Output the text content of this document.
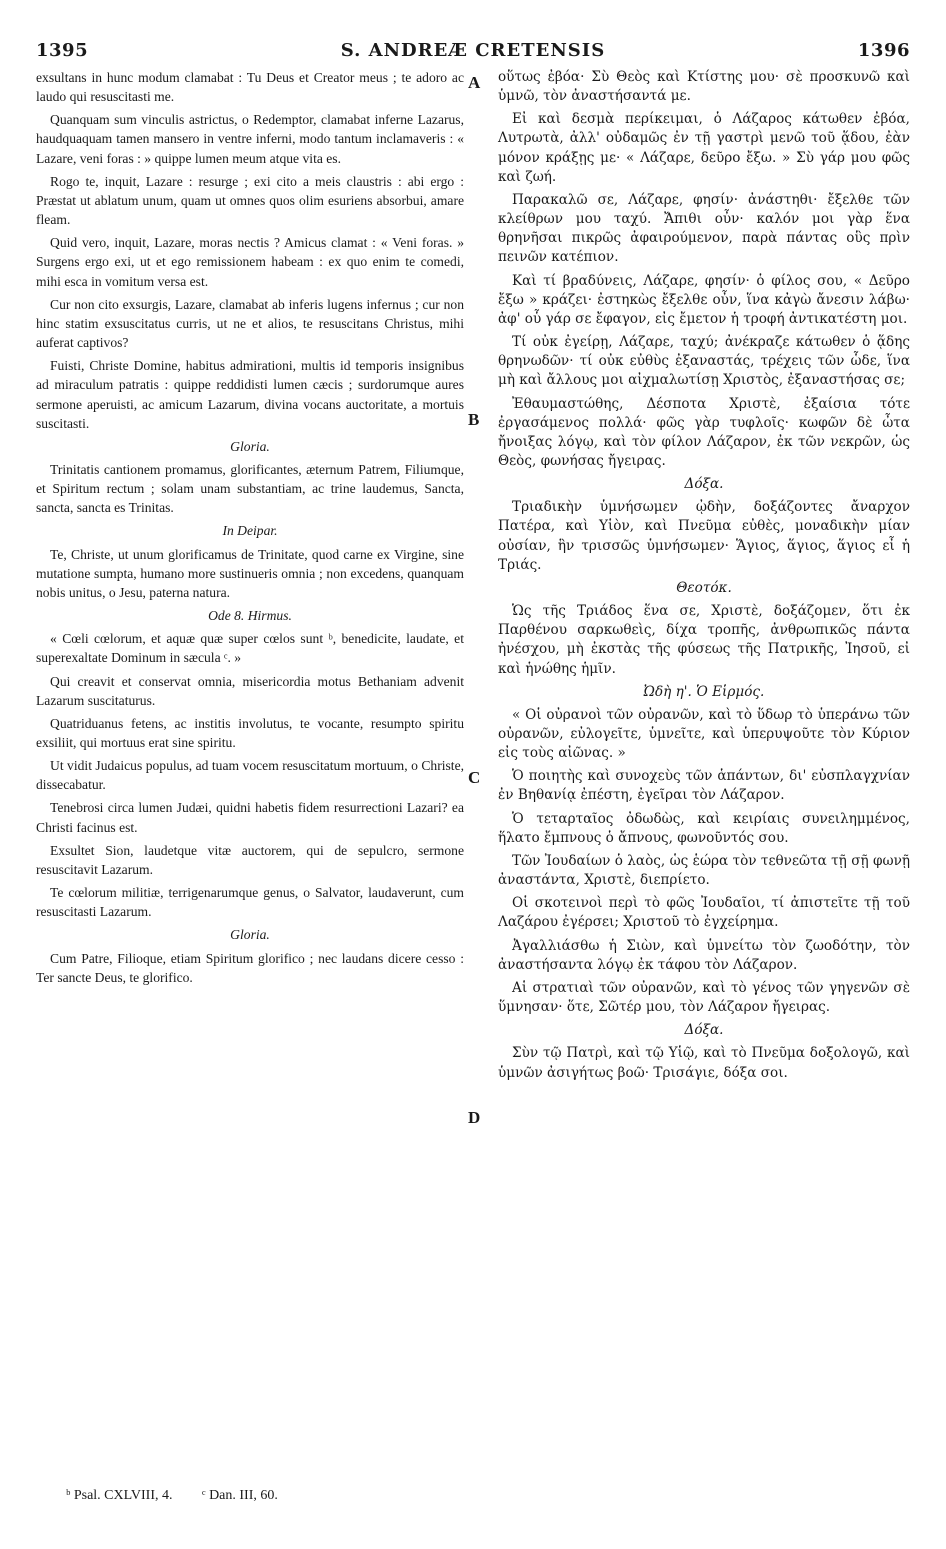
1395	S. ANDREÆ CRETENSIS	1396

exsultans in hunc modum clamabat : Tu Deus et Creator meus ; te adoro ac laudo qui resuscitasti me.

Quanquam sum vinculis astrictus, o Redemptor, clamabat inferne Lazarus, haudquaquam tamen mansero in ventre inferni, modo tantum inclamaveris : « Lazare, veni foras : » quippe lumen meum atque vita es.

Rogo te, inquit, Lazare : resurge ; exi cito a meis claustris : abi ergo : Præstat ut ablatum unum, quam ut omnes quos olim esuriens absorbui, amare fleam.

Quid vero, inquit, Lazare, moras nectis ? Amicus clamat : « Veni foras. » Surgens ergo exi, ut et ego remissionem habeam : ex quo enim te comedi, mihi esca in vomitum versa est.

Cur non cito exsurgis, Lazare, clamabat ab inferis lugens infernus ; cur non hinc statim exsuscitatus curris, ut ne et alios, te resuscitans Christus, mihi auferat captivos?

Fuisti, Christe Domine, habitus admirationi, multis id temporis insignibus ad miraculum patratis : quippe reddidisti lumen cæcis ; surdorumque aures sermone aperuisti, ac amicum Lazarum, divina vocans auctoritate, a mortuis suscitasti.

Gloria.

Trinitatis cantionem promamus, glorificantes, æternum Patrem, Filiumque, et Spiritum rectum ; solam unam substantiam, ac trine laudemus, Sancta, sancta, sancta es Trinitas.

In Deipar.

Te, Christe, ut unum glorificamus de Trinitate, quod carne ex Virgine, sine mutatione sumpta, humano more sustinueris omnia ; non excedens, quanquam nobis unitus, o Jesu, paterna natura.

Ode 8. Hirmus.

« Cœli cœlorum, et aquæ quæ super cœlos sunt ᵇ, benedicite, laudate, et superexaltate Dominum in sæcula ᶜ. »

Qui creavit et conservat omnia, misericordia motus Bethaniam advenit Lazarum suscitaturus.

Quatriduanus fetens, ac institis involutus, te vocante, resumpto spiritu exsiliit, qui mortuus erat sine spiritu.

Ut vidit Judaicus populus, ad tuam vocem resuscitatum mortuum, o Christe, dissecabatur.

Tenebrosi circa lumen Judæi, quidni habetis fidem resurrectioni Lazari? ea Christi facinus est.

Exsultet Sion, laudetque vitæ auctorem, qui de sepulcro, sermone resuscitavit Lazarum.

Te cœlorum militiæ, terrigenarumque genus, o Salvator, laudaverunt, cum resuscitasti Lazarum.

Gloria.

Cum Patre, Filioque, etiam Spiritum glorifico ; nec laudans dicere cesso : Ter sancte Deus, te glorifico.

οὕτως ἐβόα· Σὺ Θεὸς καὶ Κτίστης μου· σὲ προσκυνῶ καὶ ὑμνῶ, τὸν ἀναστήσαντά με.

Εἰ καὶ δεσμὰ περίκειμαι, ὁ Λάζαρος κάτωθεν ἐβόα, Λυτρωτὰ, ἀλλ' οὐδαμῶς ἐν τῇ γαστρὶ μενῶ τοῦ ᾅδου, ἐὰν μόνον κράξῃς με· « Λάζαρε, δεῦρο ἔξω. » Σὺ γάρ μου φῶς καὶ ζωή.

Παρακαλῶ σε, Λάζαρε, φησίν· ἀνάστηθι· ἔξελθε τῶν κλείθρων μου ταχύ. Ἄπιθι οὖν· καλόν μοι γὰρ ἕνα θρηνῆσαι πικρῶς ἀφαιρούμενον, παρὰ πάντας οὓς πρὶν πεινῶν κατέπιον.

Καὶ τί βραδύνεις, Λάζαρε, φησίν· ὁ φίλος σου, « Δεῦρο ἔξω » κράζει· ἐστηκὼς ἔξελθε οὖν, ἵνα κἀγὼ ἄνεσιν λάβω· ἀφ' οὗ γάρ σε ἔφαγον, εἰς ἔμετον ἡ τροφή ἀντικατέστη μοι.

Τί οὐκ ἐγείρῃ, Λάζαρε, ταχύ; ἀνέκραζε κάτωθεν ὁ ᾅδης θρηνωδῶν· τί οὐκ εὐθὺς ἐξαναστάς, τρέχεις τῶν ὧδε, ἵνα μὴ καὶ ἄλλους μοι αἰχμαλωτίσῃ Χριστὸς, ἐξαναστήσας σε;

Ἐθαυμαστώθης, Δέσποτα Χριστὲ, ἐξαίσια τότε ἐργασάμενος πολλά· φῶς γὰρ τυφλοῖς· κωφῶν δὲ ὦτα ἤνοιξας λόγῳ, καὶ τὸν φίλον Λάζαρον, ἐκ τῶν νεκρῶν, ὡς Θεὸς, φωνήσας ἤγειρας.

Δόξα.

Τριαδικὴν ὑμνήσωμεν ᾠδὴν, δοξάζοντες ἄναρχον Πατέρα, καὶ Υἱὸν, καὶ Πνεῦμα εὐθὲς, μοναδικὴν μίαν οὐσίαν, ἣν τρισσῶς ὑμνήσωμεν· Ἅγιος, ἅγιος, ἅγιος εἶ ἡ Τριάς.

Θεοτόκ.

Ὡς τῆς Τριάδος ἕνα σε, Χριστὲ, δοξάζομεν, ὅτι ἐκ Παρθένου σαρκωθεὶς, δίχα τροπῆς, ἀνθρωπικῶς πάντα ἠνέσχου, μὴ ἐκστὰς τῆς φύσεως τῆς Πατρικῆς, Ἰησοῦ, εἰ καὶ ἡνώθης ἡμῖν.

Ὠδὴ η'. Ὁ Εἱρμός.

« Οἱ οὐρανοὶ τῶν οὐρανῶν, καὶ τὸ ὕδωρ τὸ ὑπεράνω τῶν οὐρανῶν, εὐλογεῖτε, ὑμνεῖτε, καὶ ὑπερυψοῦτε τὸν Κύριον εἰς τοὺς αἰῶνας. »

Ὁ ποιητὴς καὶ συνοχεὺς τῶν ἁπάντων, δι' εὐσπλαγχνίαν ἐν Βηθανίᾳ ἐπέστη, ἐγεῖραι τὸν Λάζαρον.

Ὁ τεταρταῖος ὀδωδὼς, καὶ κειρίαις συνειλημμένος, ἥλατο ἔμπνους ὁ ἄπνους, φωνοῦντός σου.

Τῶν Ἰουδαίων ὁ λαὸς, ὡς ἑώρα τὸν τεθνεῶτα τῇ σῇ φωνῇ ἀναστάντα, Χριστὲ, διεπρίετο.

Οἱ σκοτεινοὶ περὶ τὸ φῶς Ἰουδαῖοι, τί ἀπιστεῖτε τῇ τοῦ Λαζάρου ἐγέρσει; Χριστοῦ τὸ ἐγχείρημα.

Ἀγαλλιάσθω ἡ Σιὼν, καὶ ὑμνείτω τὸν ζωοδότην, τὸν ἀναστήσαντα λόγῳ ἐκ τάφου τὸν Λάζαρον.

Αἱ στρατιαὶ τῶν οὐρανῶν, καὶ τὸ γένος τῶν γηγενῶν σὲ ὕμνησαν· ὅτε, Σῶτέρ μου, τὸν Λάζαρον ἤγειρας.

Δόξα.

Σὺν τῷ Πατρὶ, καὶ τῷ Υἱῷ, καὶ τὸ Πνεῦμα δοξολογῶ, καὶ ὑμνῶν ἀσιγήτως βοῶ· Τρισάγιε, δόξα σοι.

A
B
C
D
ᵇ Psal. CXLVIII, 4. ᶜ Dan. III, 60.
